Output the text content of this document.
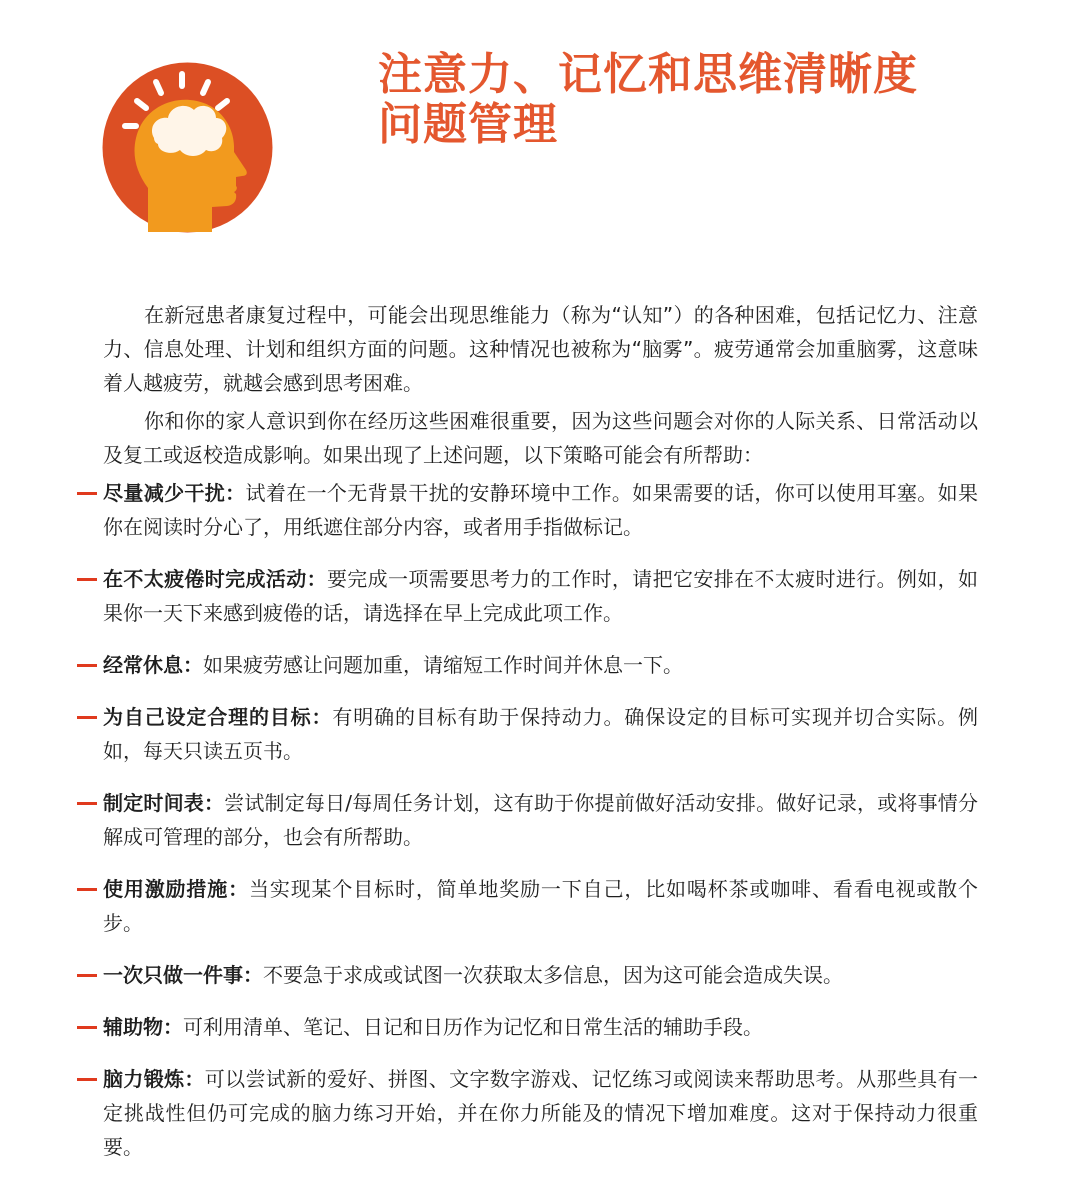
注意力、记忆和思维清晰度
问题管理

在新冠患者康复过程中，可能会出现思维能力（称为“认知”）的各种困难，包括记忆力、注意力、信息处理、计划和组织方面的问题。这种情况也被称为“脑雾”。疲劳通常会加重脑雾，这意味着人越疲劳，就越会感到思考困难。

你和你的家人意识到你在经历这些困难很重要，因为这些问题会对你的人际关系、日常活动以及复工或返校造成影响。如果出现了上述问题，以下策略可能会有所帮助：

尽量减少干扰：试着在一个无背景干扰的安静环境中工作。如果需要的话，你可以使用耳塞。如果你在阅读时分心了，用纸遮住部分内容，或者用手指做标记。

在不太疲倦时完成活动：要完成一项需要思考力的工作时，请把它安排在不太疲时进行。例如，如果你一天下来感到疲倦的话，请选择在早上完成此项工作。

经常休息：如果疲劳感让问题加重，请缩短工作时间并休息一下。

为自己设定合理的目标：有明确的目标有助于保持动力。确保设定的目标可实现并切合实际。例如，每天只读五页书。

制定时间表：尝试制定每日/每周任务计划，这有助于你提前做好活动安排。做好记录，或将事情分解成可管理的部分，也会有所帮助。

使用激励措施：当实现某个目标时，简单地奖励一下自己，比如喝杯茶或咖啡、看看电视或散个步。

一次只做一件事：不要急于求成或试图一次获取太多信息，因为这可能会造成失误。

辅助物：可利用清单、笔记、日记和日历作为记忆和日常生活的辅助手段。

脑力锻炼：可以尝试新的爱好、拼图、文字数字游戏、记忆练习或阅读来帮助思考。从那些具有一定挑战性但仍可完成的脑力练习开始，并在你力所能及的情况下增加难度。这对于保持动力很重要。
